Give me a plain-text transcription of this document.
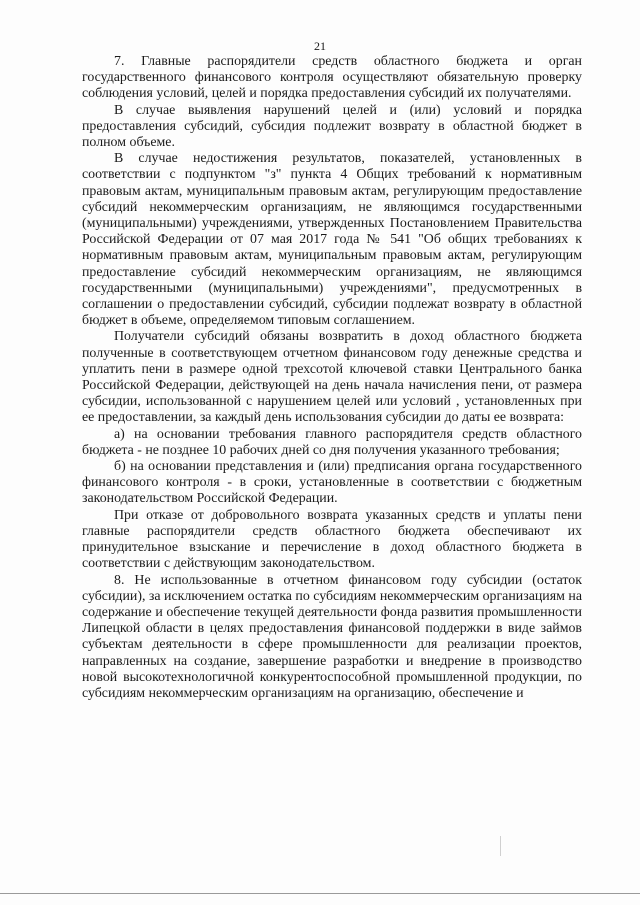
21

7. Главные распорядители средств областного бюджета и орган государственного финансового контроля осуществляют обязательную проверку соблюдения условий, целей и порядка предоставления субсидий их получателями.

В случае выявления нарушений целей и (или) условий и порядка предоставления субсидий, субсидия подлежит возврату в областной бюджет в полном объеме.

В случае недостижения результатов, показателей, установленных в соответствии с подпунктом "з" пункта 4 Общих требований к нормативным правовым актам, муниципальным правовым актам, регулирующим предоставление субсидий некоммерческим организациям, не являющимся государственными (муниципальными) учреждениями, утвержденных Постановлением Правительства Российской Федерации от 07 мая 2017 года № 541 "Об общих требованиях к нормативным правовым актам, муниципальным правовым актам, регулирующим предоставление субсидий некоммерческим организациям, не являющимся государственными (муниципальными) учреждениями", предусмотренных в соглашении о предоставлении субсидий, субсидии подлежат возврату в областной бюджет в объеме, определяемом типовым соглашением.

Получатели субсидий обязаны возвратить в доход областного бюджета полученные в соответствующем отчетном финансовом году денежные средства и уплатить пени в размере одной трехсотой ключевой ставки Центрального банка Российской Федерации, действующей на день начала начисления пени, от размера субсидии, использованной с нарушением целей или условий , установленных при ее предоставлении, за каждый день использования субсидии до даты ее возврата:

а) на основании требования главного распорядителя средств областного бюджета - не позднее 10 рабочих дней со дня получения указанного требования;

б) на основании представления и (или) предписания органа государственного финансового контроля - в сроки, установленные в соответствии с бюджетным законодательством Российской Федерации.

При отказе от добровольного возврата указанных средств и уплаты пени главные распорядители средств областного бюджета обеспечивают их принудительное взыскание и перечисление в доход областного бюджета в соответствии с действующим законодательством.

8. Не использованные в отчетном финансовом году субсидии (остаток субсидии), за исключением остатка по субсидиям некоммерческим организациям на содержание и обеспечение текущей деятельности фонда развития промышленности Липецкой области в целях предоставления финансовой поддержки в виде займов субъектам деятельности в сфере промышленности для реализации проектов, направленных на создание, завершение разработки и внедрение в производство новой высокотехнологичной конкурентоспособной промышленной продукции, по субсидиям некоммерческим организациям на организацию, обеспечение и
